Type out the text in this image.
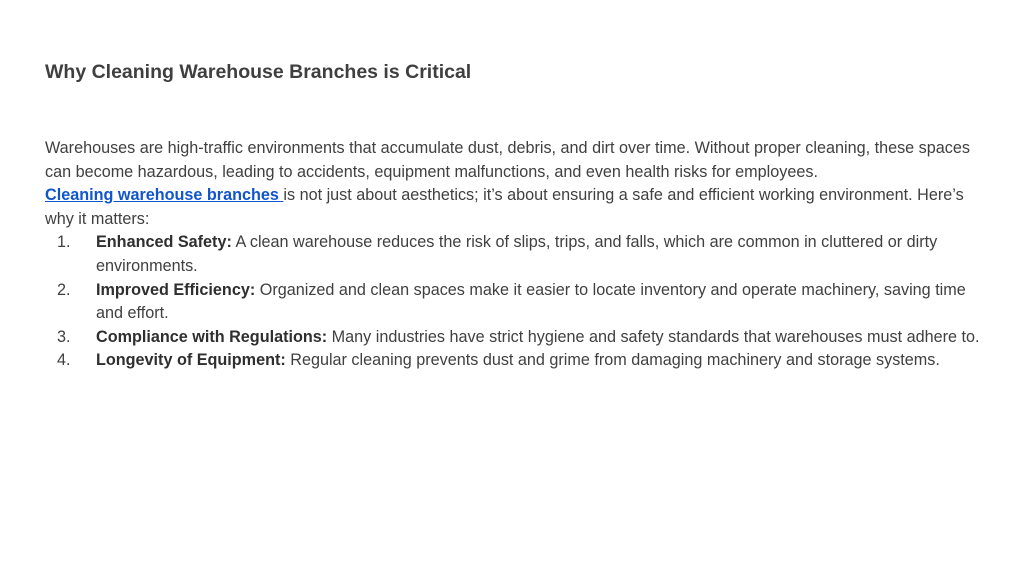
Why Cleaning Warehouse Branches is Critical

Warehouses are high-traffic environments that accumulate dust, debris, and dirt over time. Without proper cleaning, these spaces can become hazardous, leading to accidents, equipment malfunctions, and even health risks for employees.
Cleaning warehouse branches is not just about aesthetics; it’s about ensuring a safe and efficient working environment. Here’s why it matters:

1. Enhanced Safety: A clean warehouse reduces the risk of slips, trips, and falls, which are common in cluttered or dirty environments.
2. Improved Efficiency: Organized and clean spaces make it easier to locate inventory and operate machinery, saving time and effort.
3. Compliance with Regulations: Many industries have strict hygiene and safety standards that warehouses must adhere to.
4. Longevity of Equipment: Regular cleaning prevents dust and grime from damaging machinery and storage systems.
